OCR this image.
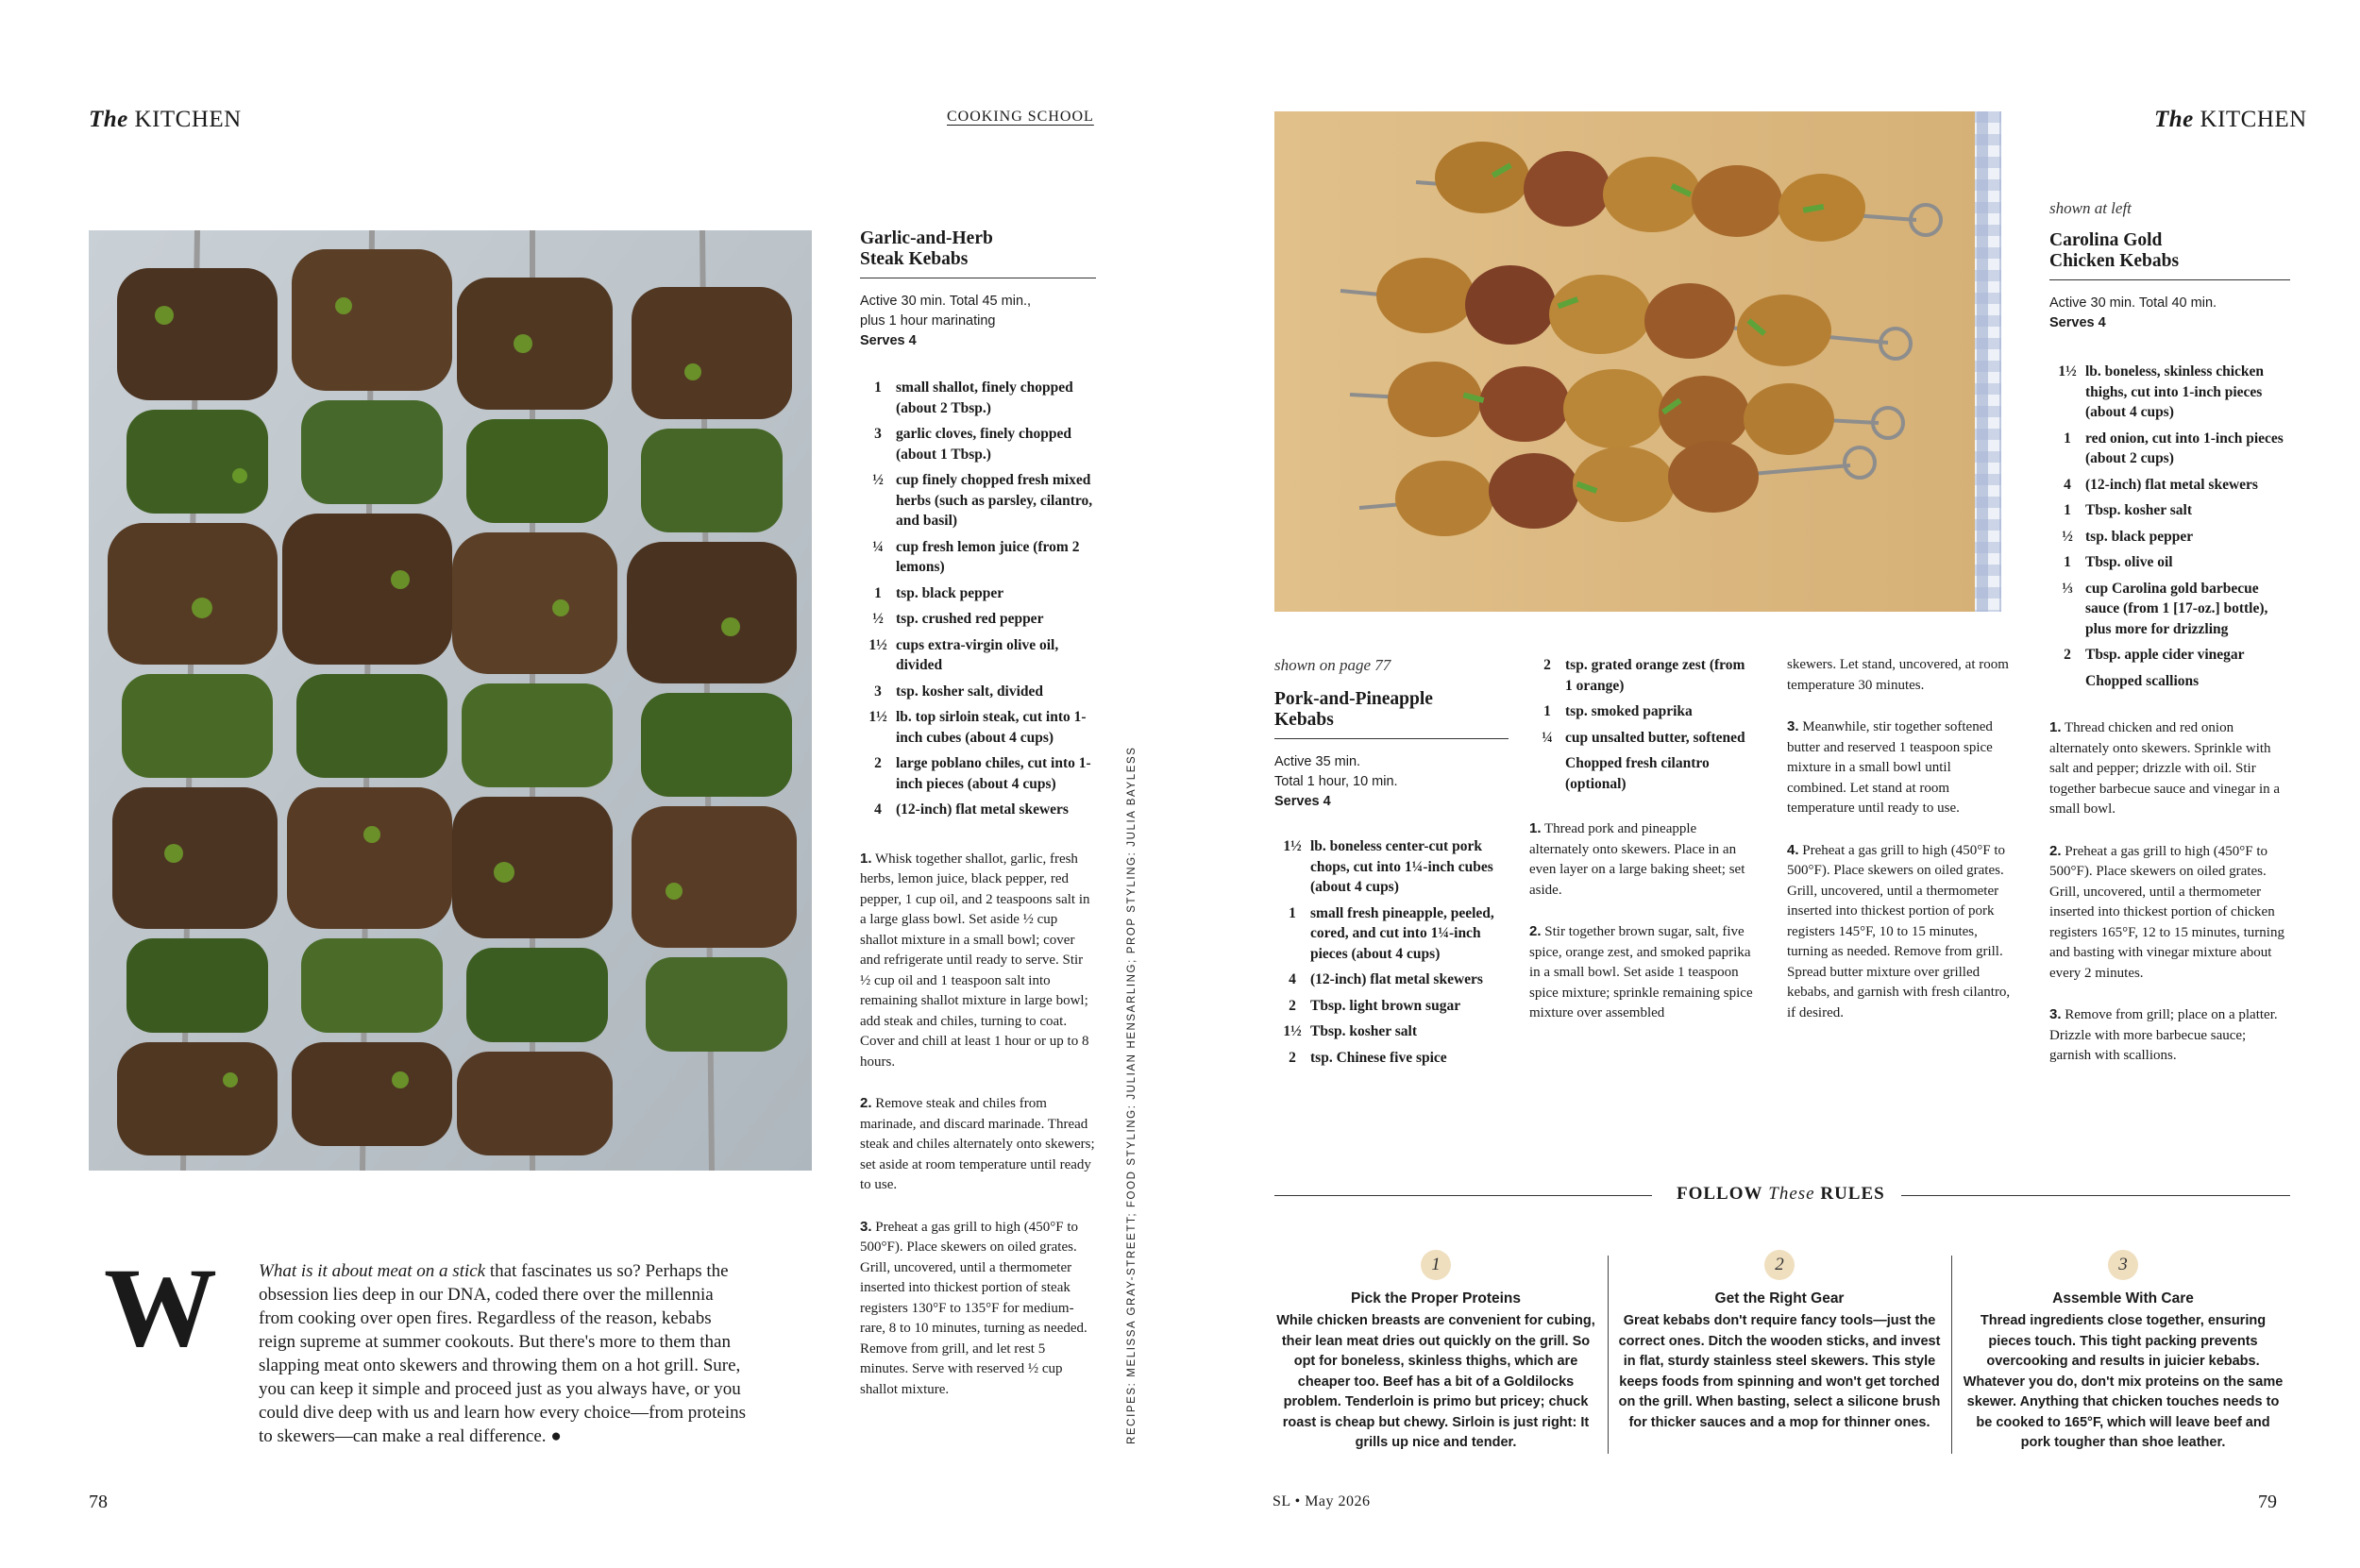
The KITCHEN	COOKING SCHOOL
Garlic-and-Herb
Steak Kebabs
Active 30 min. Total 45 min.,
plus 1 hour marinating
Serves 4
1 small shallot, finely chopped (about 2 Tbsp.)
3 garlic cloves, finely chopped (about 1 Tbsp.)
½ cup finely chopped fresh mixed herbs (such as parsley, cilantro, and basil)
¼ cup fresh lemon juice (from 2 lemons)
1 tsp. black pepper
½ tsp. crushed red pepper
1½ cups extra-virgin olive oil, divided
3 tsp. kosher salt, divided
1½ lb. top sirloin steak, cut into 1-inch cubes (about 4 cups)
2 large poblano chiles, cut into 1-inch pieces (about 4 cups)
4 (12-inch) flat metal skewers

1. Whisk together shallot, garlic, fresh herbs, lemon juice, black pepper, red pepper, 1 cup oil, and 2 teaspoons salt in a large glass bowl. Set aside ½ cup shallot mixture in a small bowl; cover and refrigerate until ready to serve. Stir ½ cup oil and 1 teaspoon salt into remaining shallot mixture in large bowl; add steak and chiles, turning to coat. Cover and chill at least 1 hour or up to 8 hours.

2. Remove steak and chiles from marinade, and discard marinade. Thread steak and chiles alternately onto skewers; set aside at room temperature until ready to use.

3. Preheat a gas grill to high (450°F to 500°F). Place skewers on oiled grates. Grill, uncovered, until a thermometer inserted into thickest portion of steak registers 130°F to 135°F for medium-rare, 8 to 10 minutes, turning as needed. Remove from grill, and let rest 5 minutes. Serve with reserved ½ cup shallot mixture.	RECIPES: MELISSA GRAY-STREETT; FOOD STYLING: JULIAN HENSARLING; PROP STYLING: JULIA BAYLESS
W What is it about meat on a stick that fascinates us so? Perhaps the obsession lies deep in our DNA, coded there over the millennia from cooking over open fires. Regardless of the reason, kebabs reign supreme at summer cookouts. But there's more to them than slapping meat onto skewers and throwing them on a hot grill. Sure, you can keep it simple and proceed just as you always have, or you could dive deep with us and learn how every choice—from proteins to skewers—can make a real difference. ●
78	SL • May 2026
The KITCHEN
shown at left
Carolina Gold
Chicken Kebabs
Active 30 min. Total 40 min.
Serves 4
1½ lb. boneless, skinless chicken thighs, cut into 1-inch pieces (about 4 cups)
1 red onion, cut into 1-inch pieces (about 2 cups)
4 (12-inch) flat metal skewers
1 Tbsp. kosher salt
½ tsp. black pepper
1 Tbsp. olive oil
⅓ cup Carolina gold barbecue sauce (from 1 [17-oz.] bottle), plus more for drizzling
2 Tbsp. apple cider vinegar
Chopped scallions

1. Thread chicken and red onion alternately onto skewers. Sprinkle with salt and pepper; drizzle with oil. Stir together barbecue sauce and vinegar in a small bowl.

2. Preheat a gas grill to high (450°F to 500°F). Place skewers on oiled grates. Grill, uncovered, until a thermometer inserted into thickest portion of chicken registers 165°F, 12 to 15 minutes, turning and basting with vinegar mixture about every 2 minutes.

3. Remove from grill; place on a platter. Drizzle with more barbecue sauce; garnish with scallions.

shown on page 77
Pork-and-Pineapple
Kebabs
Active 35 min.
Total 1 hour, 10 min.
Serves 4
1½ lb. boneless center-cut pork chops, cut into 1¼-inch cubes (about 4 cups)
1 small fresh pineapple, peeled, cored, and cut into 1¼-inch pieces (about 4 cups)
4 (12-inch) flat metal skewers
2 Tbsp. light brown sugar
1½ Tbsp. kosher salt
2 tsp. Chinese five spice
2 tsp. grated orange zest (from 1 orange)
1 tsp. smoked paprika
¼ cup unsalted butter, softened
Chopped fresh cilantro (optional)

1. Thread pork and pineapple alternately onto skewers. Place in an even layer on a large baking sheet; set aside.

2. Stir together brown sugar, salt, five spice, orange zest, and smoked paprika in a small bowl. Set aside 1 teaspoon spice mixture; sprinkle remaining spice mixture over assembled

skewers. Let stand, uncovered, at room temperature 30 minutes.

3. Meanwhile, stir together softened butter and reserved 1 teaspoon spice mixture in a small bowl until combined. Let stand at room temperature until ready to use.

4. Preheat a gas grill to high (450°F to 500°F). Place skewers on oiled grates. Grill, uncovered, until a thermometer inserted into thickest portion of pork registers 145°F, 10 to 15 minutes, turning as needed. Remove from grill. Spread butter mixture over grilled kebabs, and garnish with fresh cilantro, if desired.

FOLLOW These RULES
1
Pick the Proper Proteins

While chicken breasts are convenient for cubing, their lean meat dries out quickly on the grill. So opt for boneless, skinless thighs, which are cheaper too. Beef has a bit of a Goldilocks problem. Tenderloin is primo but pricey; chuck roast is cheap but chewy. Sirloin is just right: It grills up nice and tender.

2
Get the Right Gear

Great kebabs don't require fancy tools—just the correct ones. Ditch the wooden sticks, and invest in flat, sturdy stainless steel skewers. This style keeps foods from spinning and won't get torched on the grill. When basting, select a silicone brush for thicker sauces and a mop for thinner ones.

3
Assemble With Care

Thread ingredients close together, ensuring pieces touch. This tight packing prevents overcooking and results in juicier kebabs. Whatever you do, don't mix proteins on the same skewer. Anything that chicken touches needs to be cooked to 165°F, which will leave beef and pork tougher than shoe leather.

79
